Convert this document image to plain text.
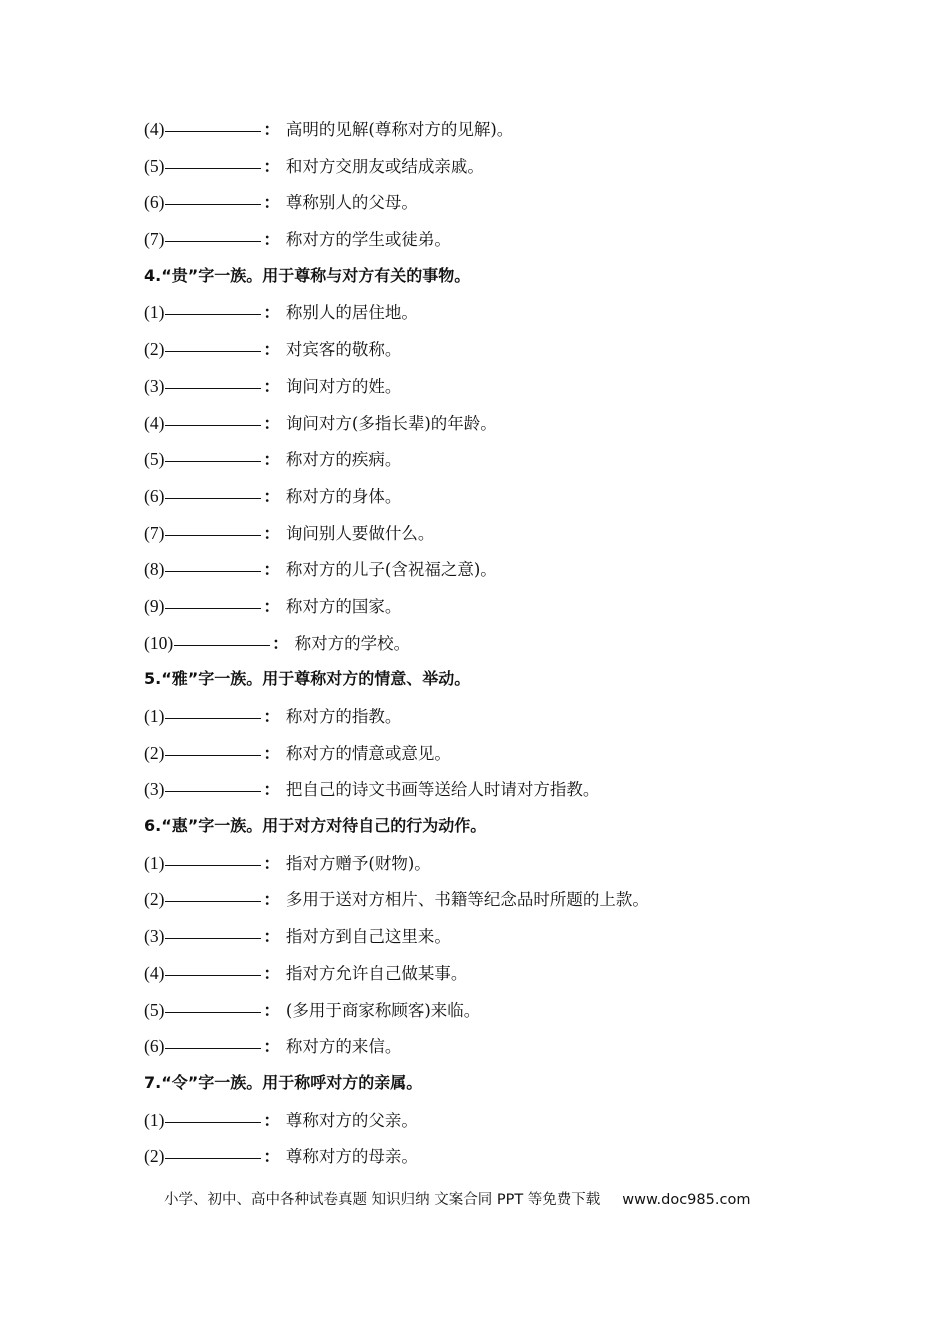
(4)	： 高明的见解(尊称对方的见解)。
(5)	： 和对方交朋友或结成亲戚。
(6)	： 尊称别人的父母。
(7)	： 称对方的学生或徒弟。
4.“贵”字一族。用于尊称与对方有关的事物。
(1)	： 称别人的居住地。
(2)	： 对宾客的敬称。
(3)	： 询问对方的姓。
(4)	： 询问对方(多指长辈)的年龄。
(5)	： 称对方的疾病。
(6)	： 称对方的身体。
(7)	： 询问别人要做什么。
(8)	： 称对方的儿子(含祝福之意)。
(9)	： 称对方的国家。
(10)	： 称对方的学校。
5.“雅”字一族。用于尊称对方的情意、举动。
(1)	： 称对方的指教。
(2)	： 称对方的情意或意见。
(3)	： 把自己的诗文书画等送给人时请对方指教。
6.“惠”字一族。用于对方对待自己的行为动作。
(1)	： 指对方赠予(财物)。
(2)	： 多用于送对方相片、书籍等纪念品时所题的上款。
(3)	： 指对方到自己这里来。
(4)	： 指对方允许自己做某事。
(5)	： (多用于商家称顾客)来临。
(6)	： 称对方的来信。
7.“令”字一族。用于称呼对方的亲属。
(1)	： 尊称对方的父亲。
(2)	： 尊称对方的母亲。
小学、初中、高中各种试卷真题 知识归纳 文案合同 PPT 等免费下载 www.doc985.com
